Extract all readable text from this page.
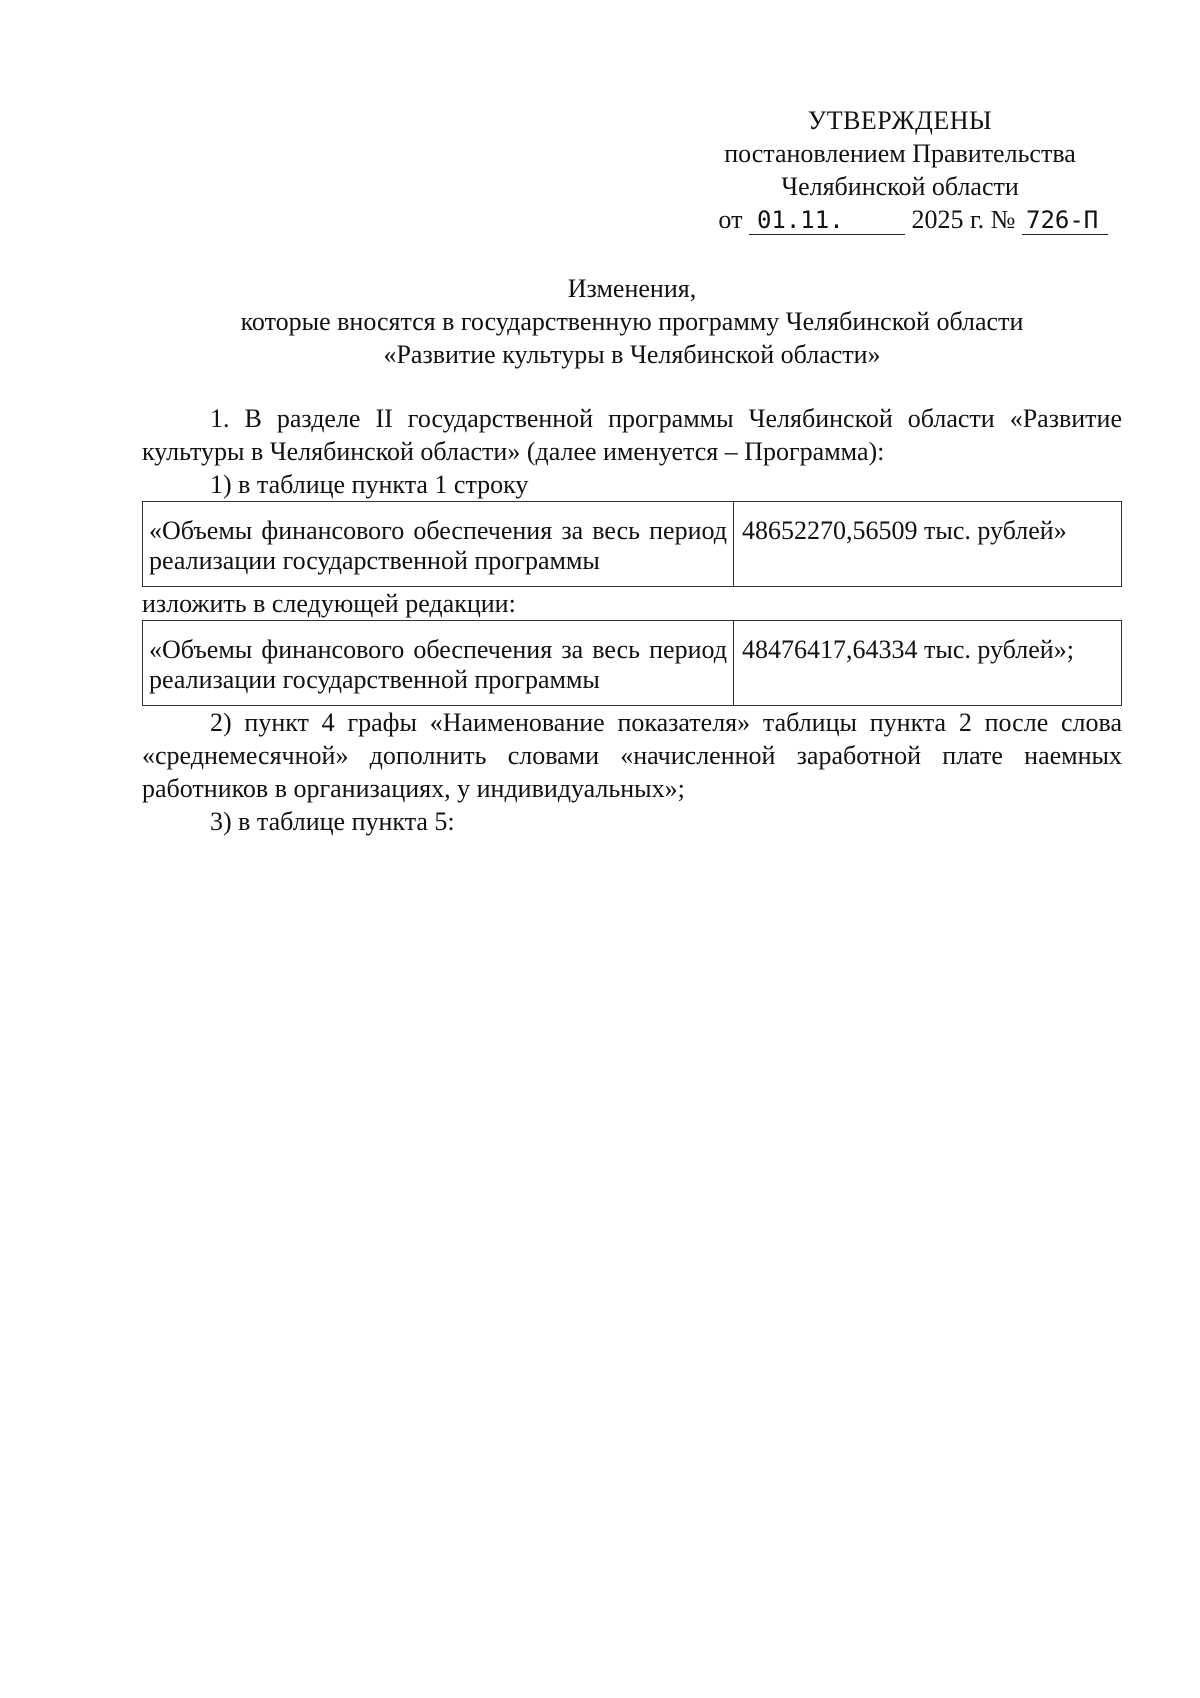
УТВЕРЖДЕНЫ
постановлением Правительства
Челябинской области
от 01.11.	2025 г. № 726-П
Изменения,
которые вносятся в государственную программу Челябинской области
«Развитие культуры в Челябинской области»

1. В разделе II государственной программы Челябинской области «Развитие культуры в Челябинской области» (далее именуется – Программа):

1) в таблице пункта 1 строку

«Объемы финансового обеспечения за весь период реализации государственной программы	48652270,56509 тыс. рублей»

изложить в следующей редакции:

«Объемы финансового обеспечения за весь период реализации государственной программы	48476417,64334 тыс. рублей»;

2) пункт 4 графы «Наименование показателя» таблицы пункта 2 после слова «среднемесячной» дополнить словами «начисленной заработной плате наемных работников в организациях, у индивидуальных»;

3) в таблице пункта 5:
